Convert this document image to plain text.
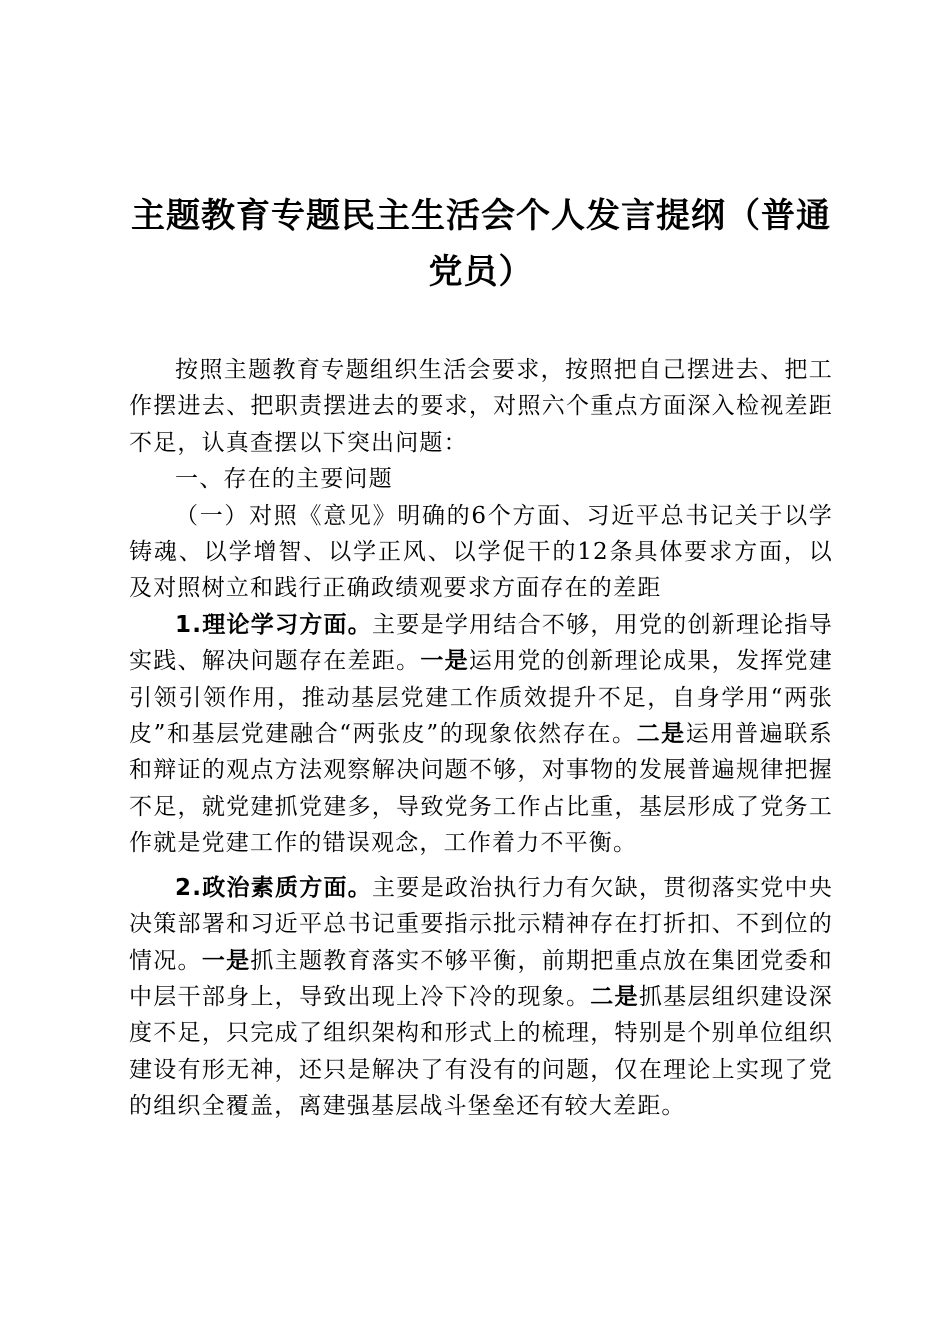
主题教育专题民主生活会个人发言提纲（普通
党员）

按照主题教育专题组织生活会要求，按照把自己摆进去、把工作摆进去、把职责摆进去的要求，对照六个重点方面深入检视差距不足，认真查摆以下突出问题：

一、存在的主要问题

（一）对照《意见》明确的6个方面、习近平总书记关于以学铸魂、以学增智、以学正风、以学促干的12条具体要求方面，以及对照树立和践行正确政绩观要求方面存在的差距

1.理论学习方面。主要是学用结合不够，用党的创新理论指导实践、解决问题存在差距。一是运用党的创新理论成果，发挥党建引领引领作用，推动基层党建工作质效提升不足，自身学用“两张皮”和基层党建融合“两张皮”的现象依然存在。二是运用普遍联系和辩证的观点方法观察解决问题不够，对事物的发展普遍规律把握不足，就党建抓党建多，导致党务工作占比重，基层形成了党务工作就是党建工作的错误观念，工作着力不平衡。

2.政治素质方面。主要是政治执行力有欠缺，贯彻落实党中央决策部署和习近平总书记重要指示批示精神存在打折扣、不到位的情况。一是抓主题教育落实不够平衡，前期把重点放在集团党委和中层干部身上，导致出现上冷下冷的现象。二是抓基层组织建设深度不足，只完成了组织架构和形式上的梳理，特别是个别单位组织建设有形无神，还只是解决了有没有的问题，仅在理论上实现了党的组织全覆盖，离建强基层战斗堡垒还有较大差距。
